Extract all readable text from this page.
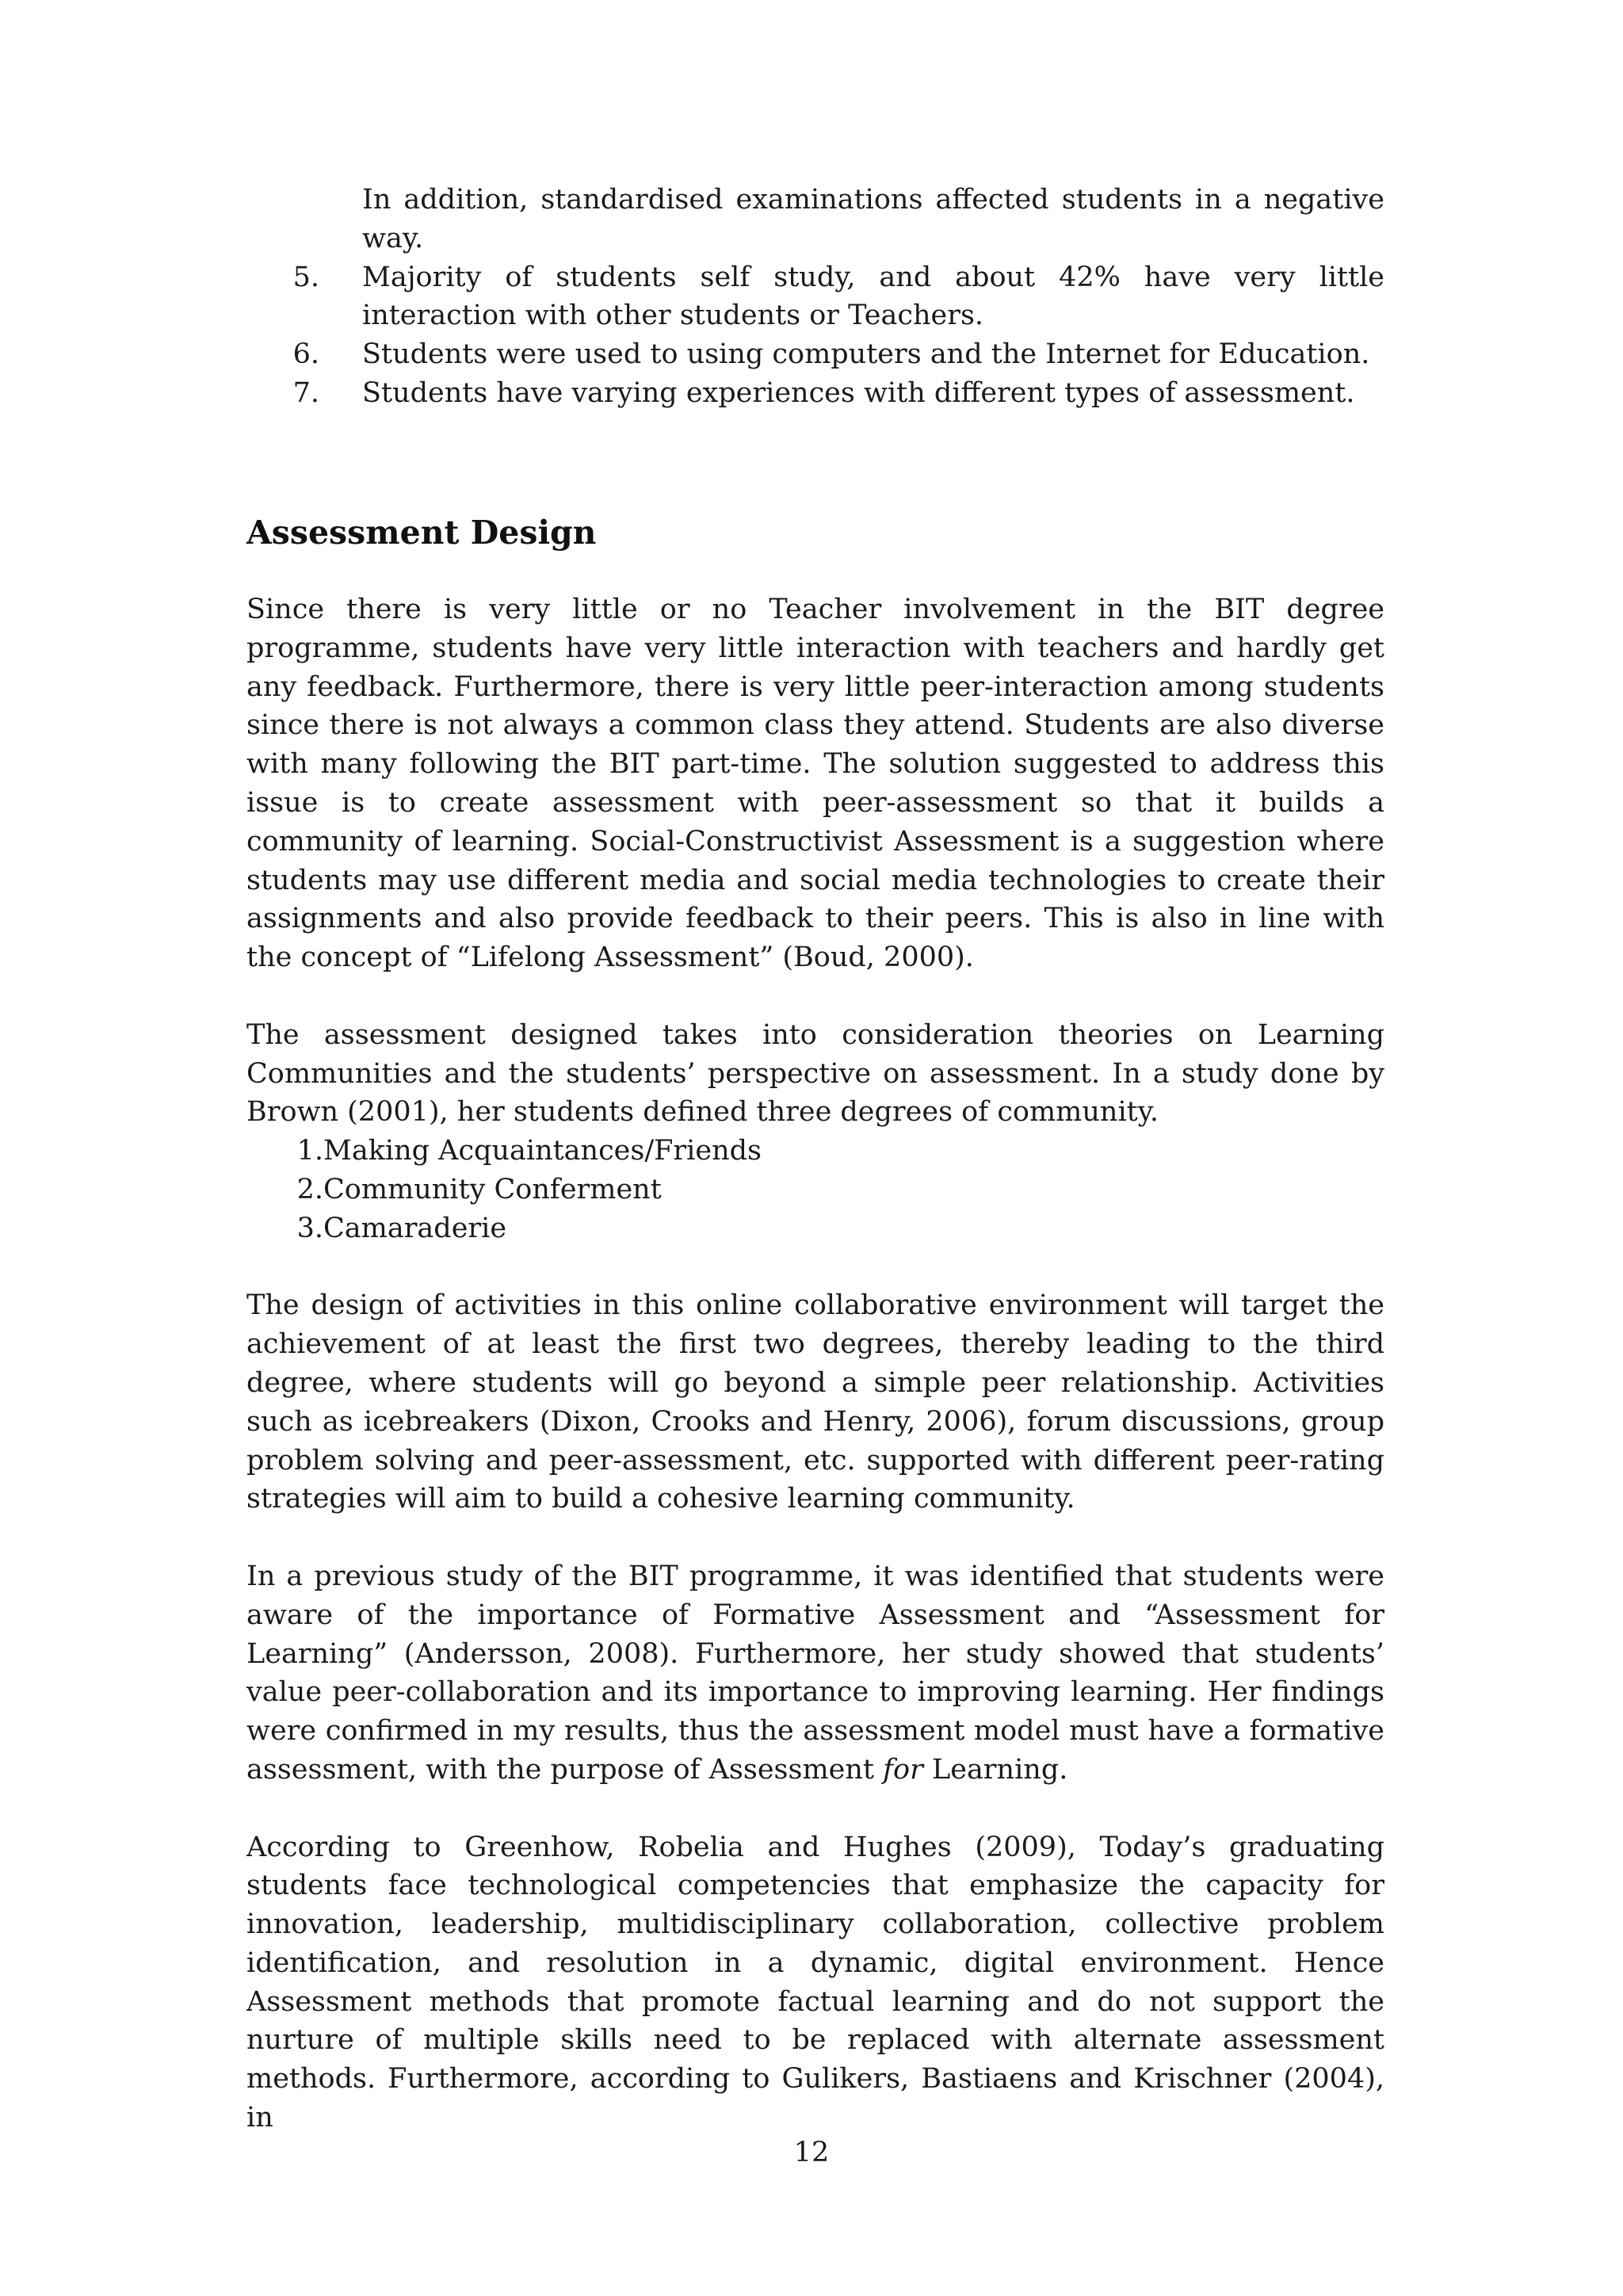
In addition, standardised examinations affected students in a negative way.

5. Majority of students self study, and about 42% have very little interaction with other students or Teachers.
6. Students were used to using computers and the Internet for Education.
7. Students have varying experiences with different types of assessment.
Assessment Design

Since there is very little or no Teacher involvement in the BIT degree programme, students have very little interaction with teachers and hardly get any feedback. Furthermore, there is very little peer-interaction among students since there is not always a common class they attend. Students are also diverse with many following the BIT part-time. The solution suggested to address this issue is to create assessment with peer-assessment so that it builds a community of learning. Social-Constructivist Assessment is a suggestion where students may use different media and social media technologies to create their assignments and also provide feedback to their peers. This is also in line with the concept of “Lifelong Assessment” (Boud, 2000).

The assessment designed takes into consideration theories on Learning Communities and the students’ perspective on assessment. In a study done by Brown (2001), her students defined three degrees of community.

1. Making Acquaintances/Friends
2. Community Conferment
3. Camaraderie

The design of activities in this online collaborative environment will target the achievement of at least the first two degrees, thereby leading to the third degree, where students will go beyond a simple peer relationship. Activities such as icebreakers (Dixon, Crooks and Henry, 2006), forum discussions, group problem solving and peer-assessment, etc. supported with different peer-rating strategies will aim to build a cohesive learning community.

In a previous study of the BIT programme, it was identified that students were aware of the importance of Formative Assessment and “Assessment for Learning” (Andersson, 2008). Furthermore, her study showed that students’ value peer-collaboration and its importance to improving learning. Her findings were confirmed in my results, thus the assessment model must have a formative assessment, with the purpose of Assessment for Learning.

According to Greenhow, Robelia and Hughes (2009), Today’s graduating students face technological competencies that emphasize the capacity for innovation, leadership, multidisciplinary collaboration, collective problem identification, and resolution in a dynamic, digital environment. Hence Assessment methods that promote factual learning and do not support the nurture of multiple skills need to be replaced with alternate assessment methods. Furthermore, according to Gulikers, Bastiaens and Krischner (2004), in

12
